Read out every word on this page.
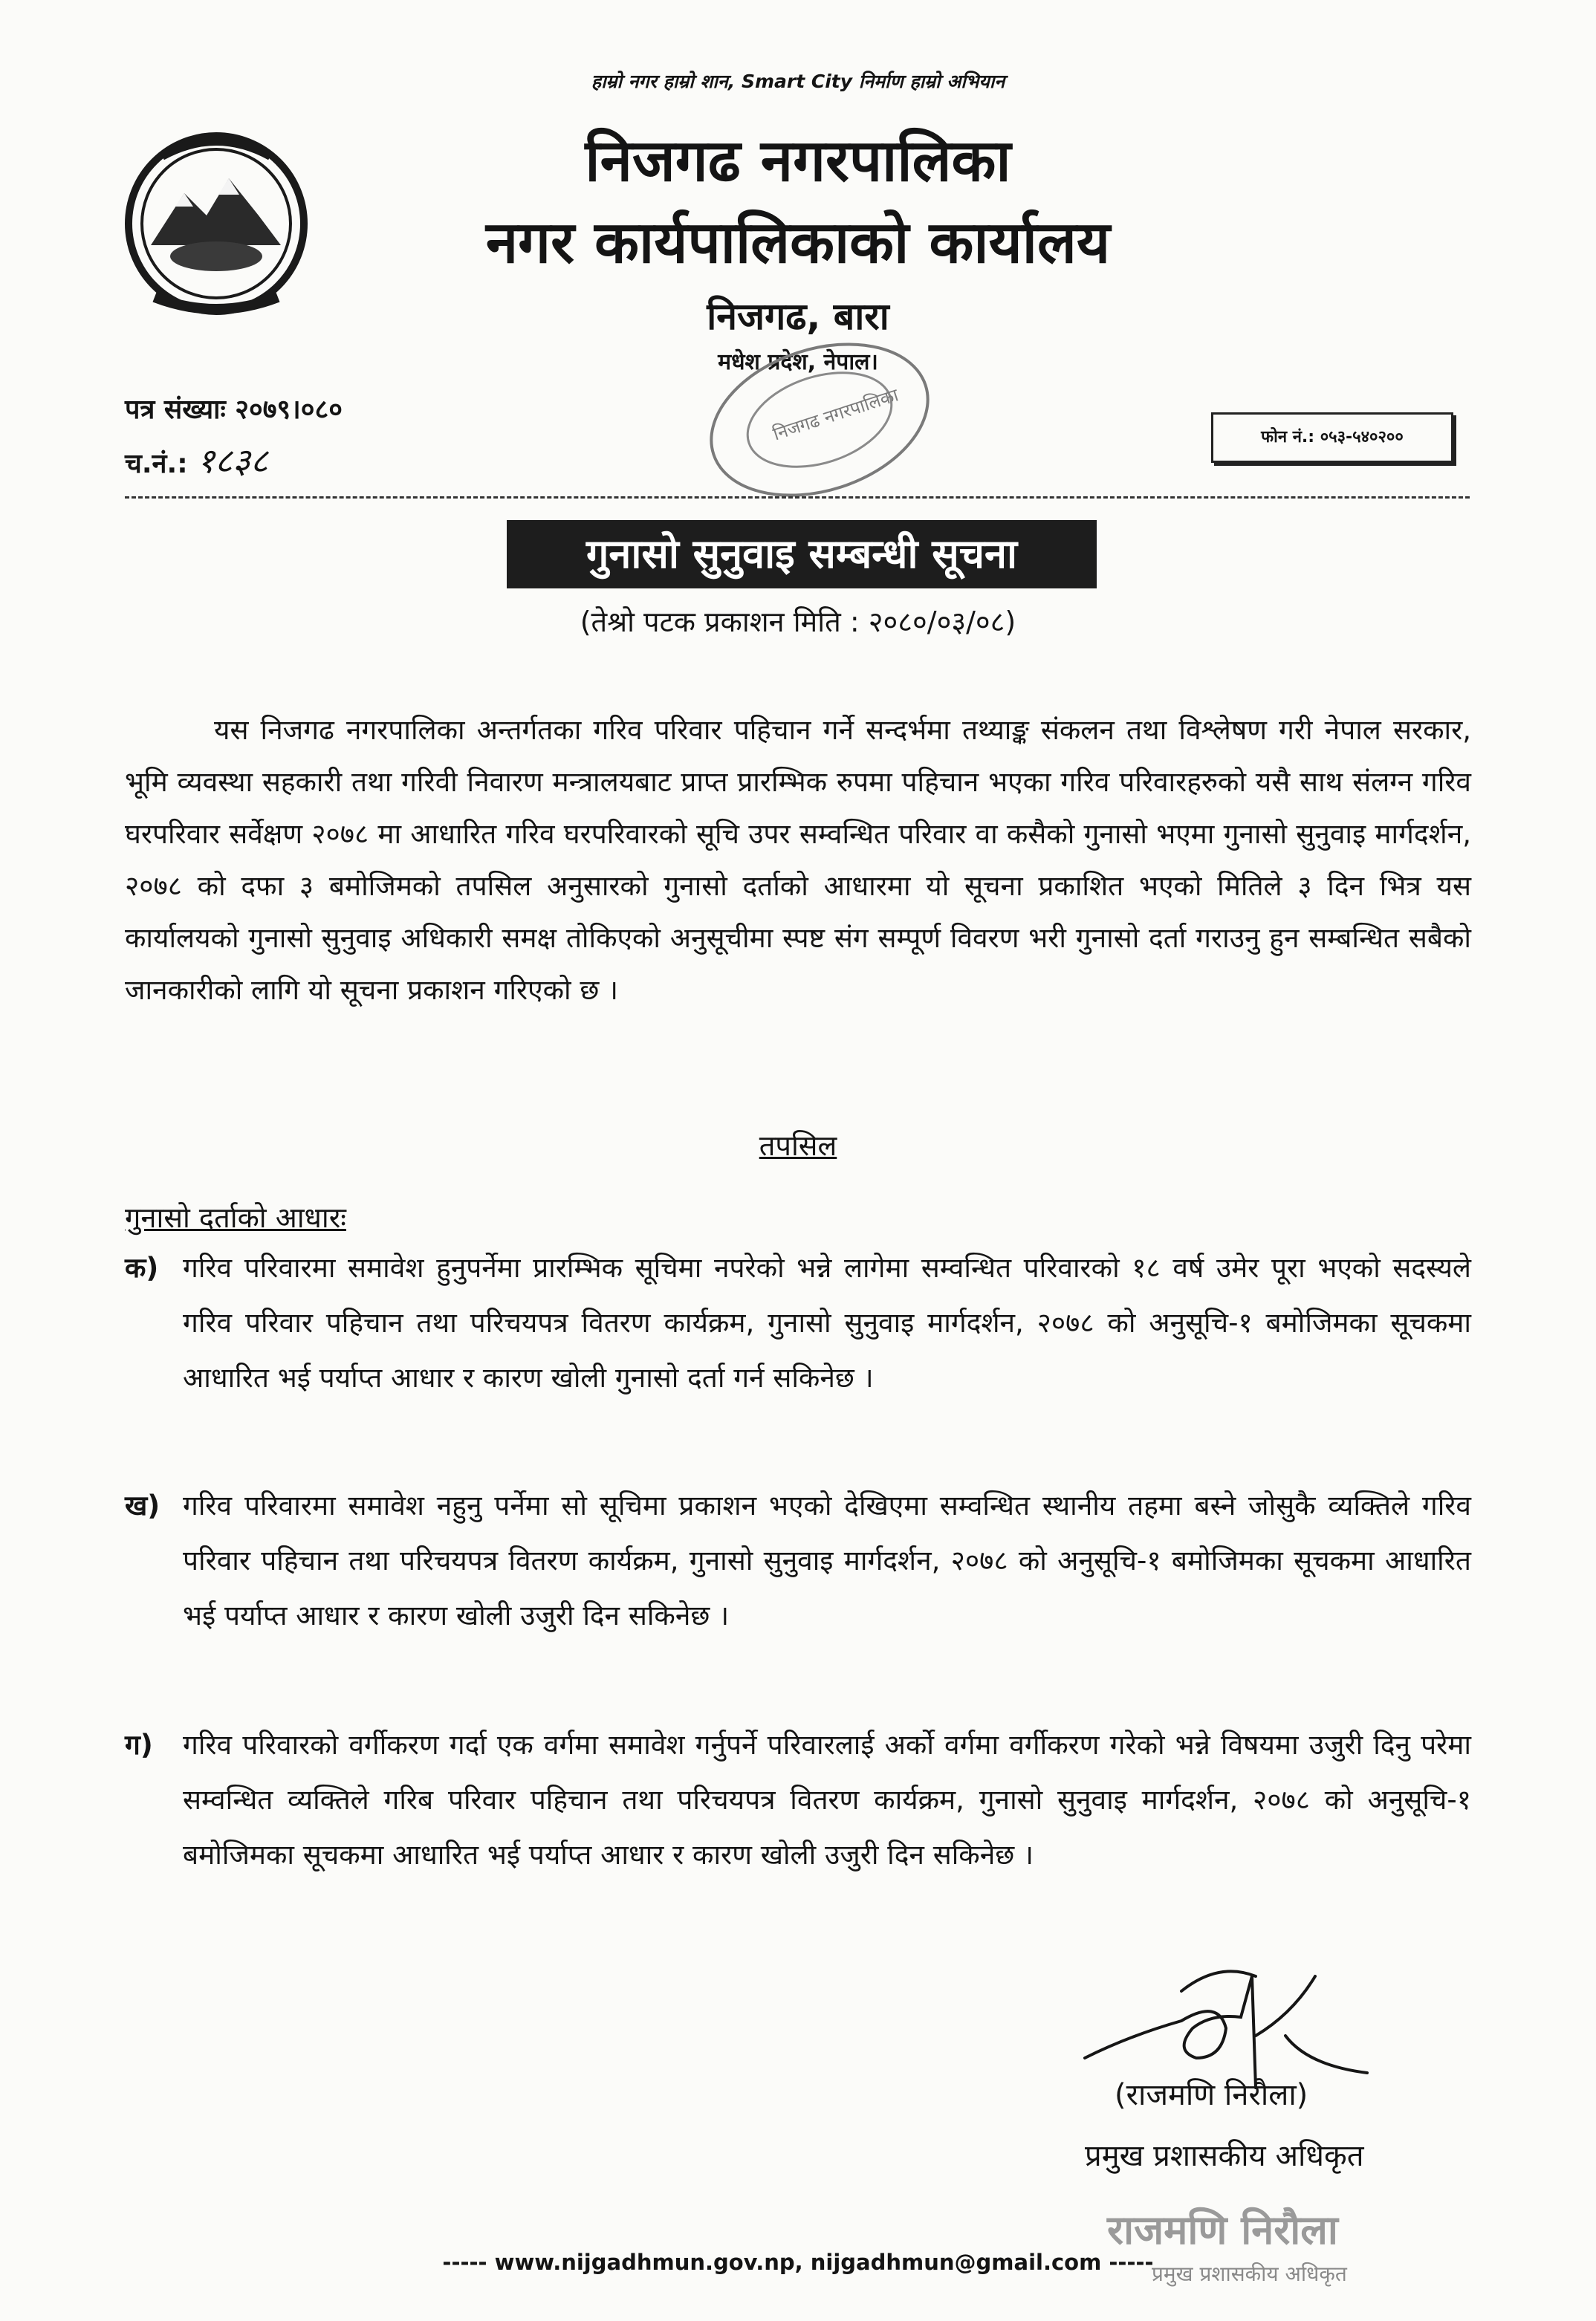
हाम्रो नगर हाम्रो शान, Smart City निर्माण हाम्रो अभियान
निजगढ नगरपालिका
नगर कार्यपालिकाको कार्यालय
निजगढ, बारा
मधेश प्रदेश, नेपाल।
पत्र संख्याः २०७९।०८०
च.नं.: १८३८
निजगढ नगरपालिका	फोन नं.: ०५३-५४०२००
गुनासो सुनुवाइ सम्बन्धी सूचना
(तेश्रो पटक प्रकाशन मिति : २०८०/०३/०८)

यस निजगढ नगरपालिका अन्तर्गतका गरिव परिवार पहिचान गर्ने सन्दर्भमा तथ्याङ्क संकलन तथा विश्लेषण गरी नेपाल सरकार, भूमि व्यवस्था सहकारी तथा गरिवी निवारण मन्त्रालयबाट प्राप्त प्रारम्भिक रुपमा पहिचान भएका गरिव परिवारहरुको यसै साथ संलग्न गरिव घरपरिवार सर्वेक्षण २०७८ मा आधारित गरिव घरपरिवारको सूचि उपर सम्वन्धित परिवार वा कसैको गुनासो भएमा गुनासो सुनुवाइ मार्गदर्शन, २०७८ को दफा ३ बमोजिमको तपसिल अनुसारको गुनासो दर्ताको आधारमा यो सूचना प्रकाशित भएको मितिले ३ दिन भित्र यस कार्यालयको गुनासो सुनुवाइ अधिकारी समक्ष तोकिएको अनुसूचीमा स्पष्ट संग सम्पूर्ण विवरण भरी गुनासो दर्ता गराउनु हुन सम्बन्धित सबैको जानकारीको लागि यो सूचना प्रकाशन गरिएको छ ।

तपसिल
गुनासो दर्ताको आधारः
क) गरिव परिवारमा समावेश हुनुपर्नेमा प्रारम्भिक सूचिमा नपरेको भन्ने लागेमा सम्वन्धित परिवारको १८ वर्ष उमेर पूरा भएको सदस्यले गरिव परिवार पहिचान तथा परिचयपत्र वितरण कार्यक्रम, गुनासो सुनुवाइ मार्गदर्शन, २०७८ को अनुसूचि-१ बमोजिमका सूचकमा आधारित भई पर्याप्त आधार र कारण खोली गुनासो दर्ता गर्न सकिनेछ ।

ख) गरिव परिवारमा समावेश नहुनु पर्नेमा सो सूचिमा प्रकाशन भएको देखिएमा सम्वन्धित स्थानीय तहमा बस्ने जोसुकै व्यक्तिले गरिव परिवार पहिचान तथा परिचयपत्र वितरण कार्यक्रम, गुनासो सुनुवाइ मार्गदर्शन, २०७८ को अनुसूचि-१ बमोजिमका सूचकमा आधारित भई पर्याप्त आधार र कारण खोली उजुरी दिन सकिनेछ ।

ग) गरिव परिवारको वर्गीकरण गर्दा एक वर्गमा समावेश गर्नुपर्ने परिवारलाई अर्को वर्गमा वर्गीकरण गरेको भन्ने विषयमा उजुरी दिनु परेमा सम्वन्धित व्यक्तिले गरिब परिवार पहिचान तथा परिचयपत्र वितरण कार्यक्रम, गुनासो सुनुवाइ मार्गदर्शन, २०७८ को अनुसूचि-१ बमोजिमका सूचकमा आधारित भई पर्याप्त आधार र कारण खोली उजुरी दिन सकिनेछ ।

(राजमणि निरौला)
प्रमुख प्रशासकीय अधिकृत
राजमणि निरौला
प्रमुख प्रशासकीय अधिकृत
----- www.nijgadhmun.gov.np, nijgadhmun@gmail.com -----
